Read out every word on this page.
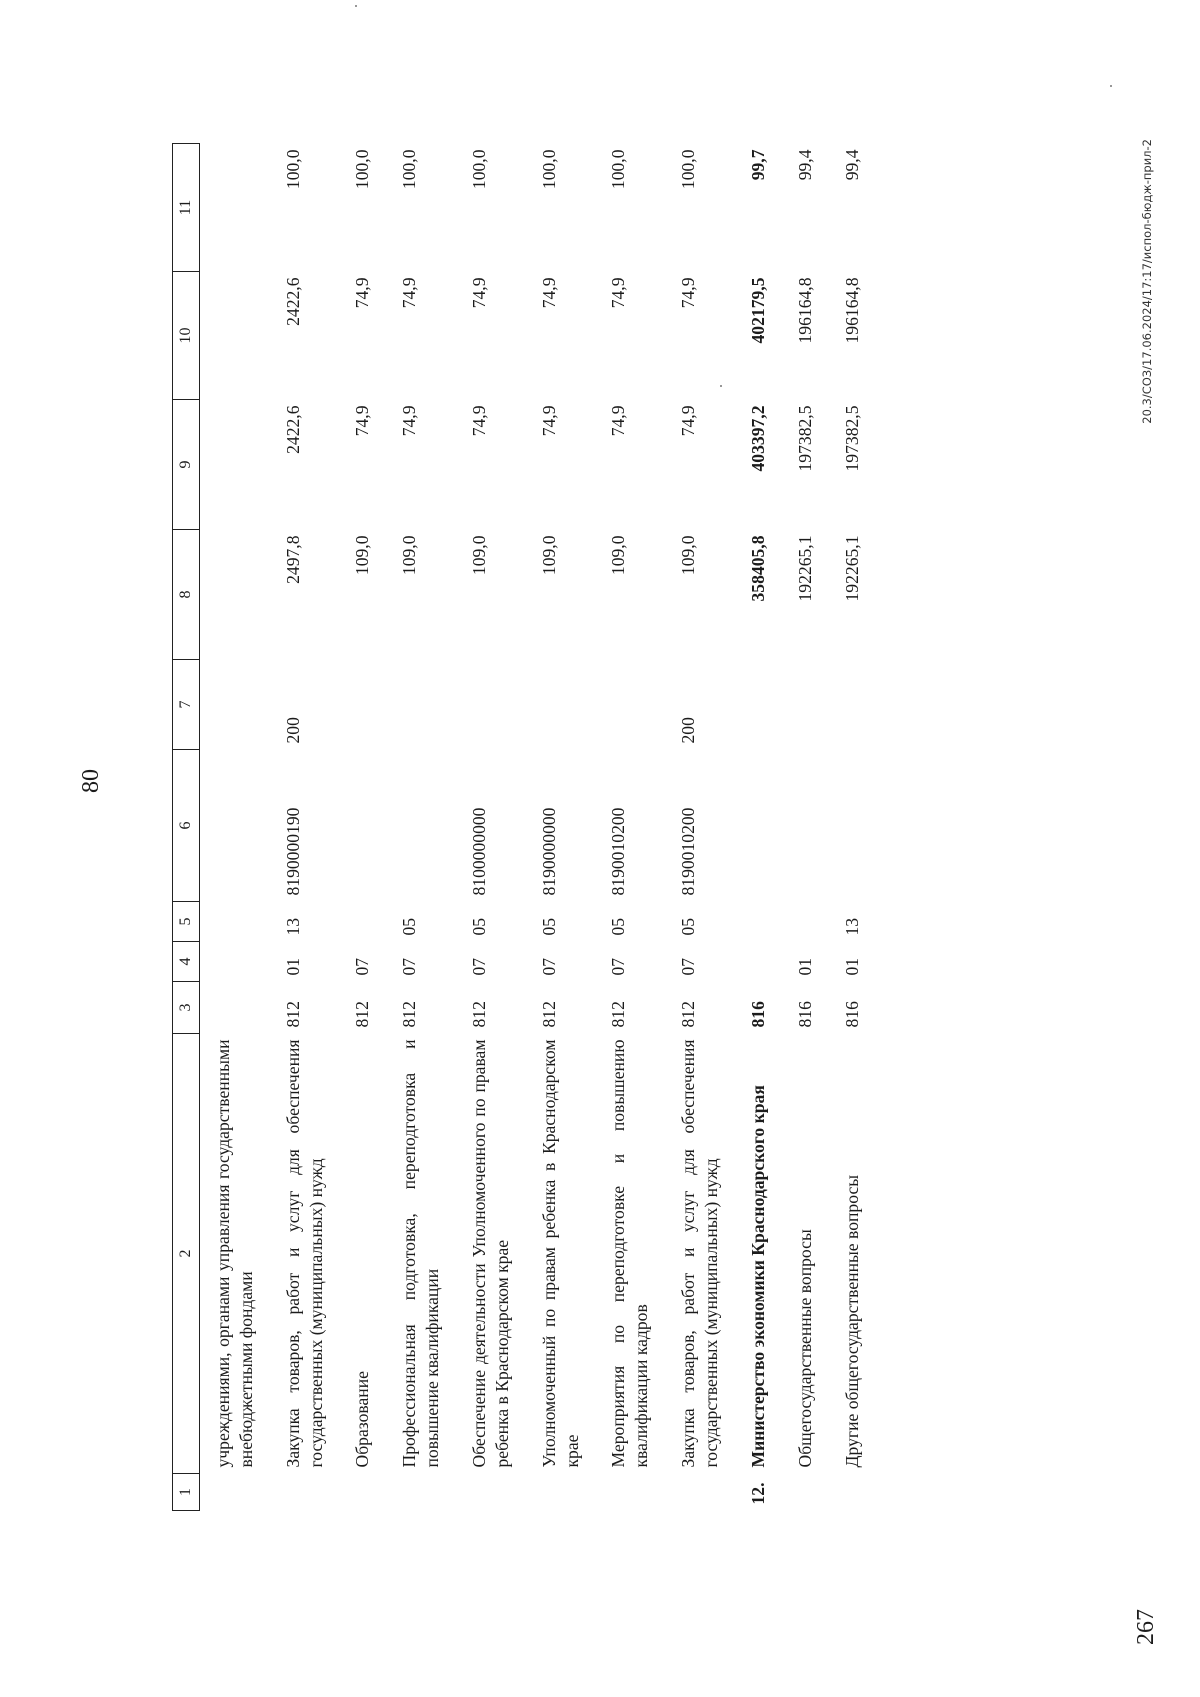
80
1	2	3	4	5	6	7	8	9	10	11
	учреждениями, органами управления государственными внебюджетными фондами									
	Закупка товаров, работ и услуг для обеспечения государственных (муниципальных) нужд	812	01	13	8190000190	200	2497,8	2422,6	2422,6	100,0
	Образование	812	07				109,0	74,9	74,9	100,0
	Профессиональная подготовка, переподготовка и повышение квалификации	812	07	05			109,0	74,9	74,9	100,0
	Обеспечение деятельности Уполномоченного по правам ребенка в Краснодарском крае	812	07	05	8100000000		109,0	74,9	74,9	100,0
	Уполномоченный по правам ребенка в Краснодарском крае	812	07	05	8190000000		109,0	74,9	74,9	100,0
	Мероприятия по переподготовке и повышению квалификации кадров	812	07	05	8190010200		109,0	74,9	74,9	100,0
	Закупка товаров, работ и услуг для обеспечения государственных (муниципальных) нужд	812	07	05	8190010200	200	109,0	74,9	74,9	100,0
12.	Министерство экономики Краснодарского края	816					358405,8	403397,2	402179,5	99,7
	Общегосударственные вопросы	816	01				192265,1	197382,5	196164,8	99,4
	Другие общегосударственные вопросы	816	01	13			192265,1	197382,5	196164,8	99,4
267
20.3/СОЗ/17.06.2024/17:17/испол-бюдж-прил-2
